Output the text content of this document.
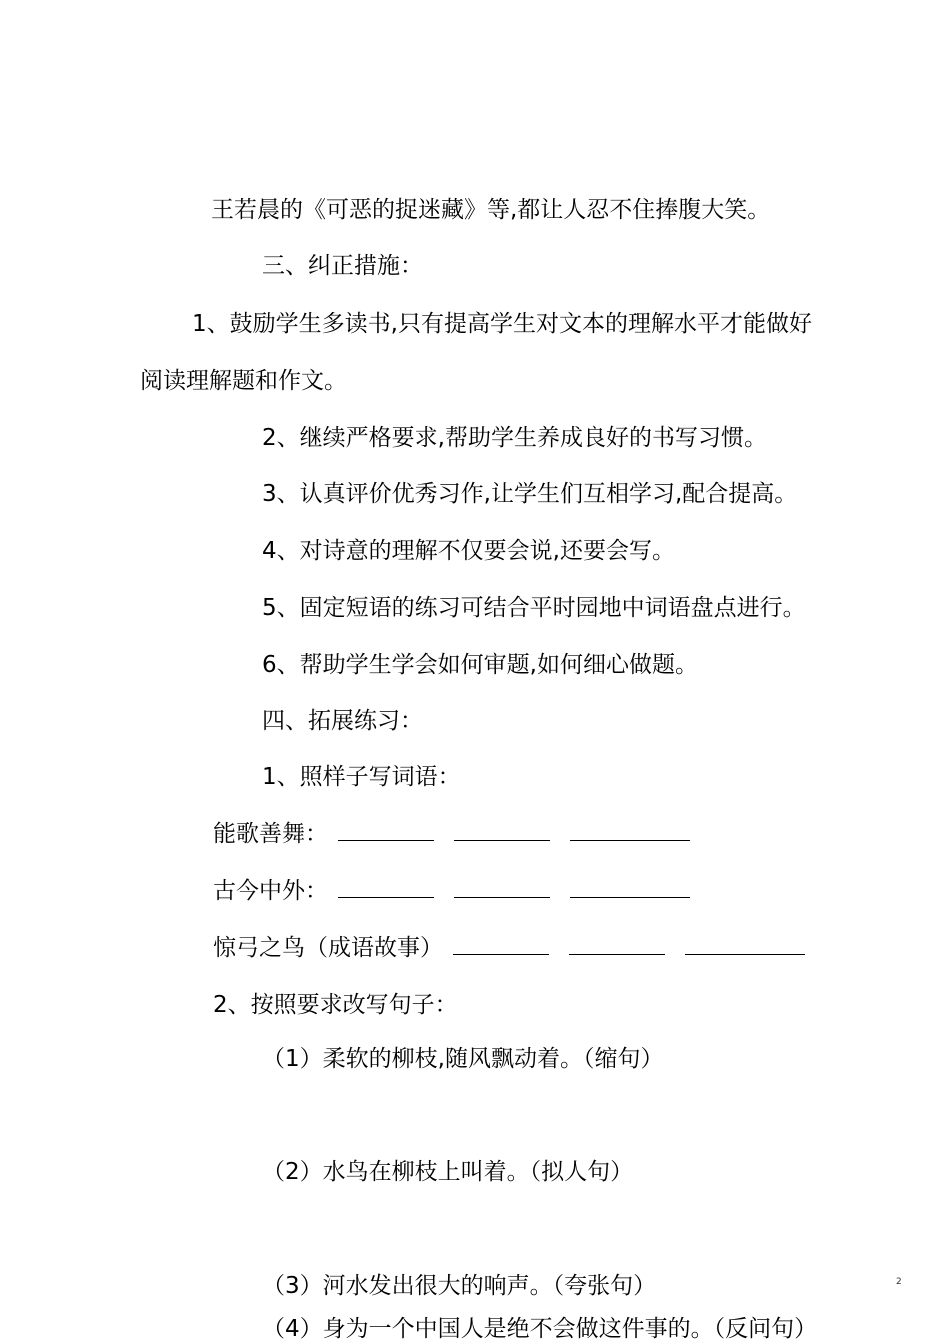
王若晨的《可恶的捉迷藏》等,都让人忍不住捧腹大笑。
三、纠正措施：
1、鼓励学生多读书,只有提高学生对文本的理解水平才能做好
阅读理解题和作文。
2、继续严格要求,帮助学生养成良好的书写习惯。
3、认真评价优秀习作,让学生们互相学习,配合提高。
4、对诗意的理解不仅要会说,还要会写。
5、固定短语的练习可结合平时园地中词语盘点进行。
6、帮助学生学会如何审题,如何细心做题。
四、拓展练习：
1、照样子写词语：
能歌善舞：
古今中外：
惊弓之鸟（成语故事）
2、按照要求改写句子：
（1）柔软的柳枝,随风飘动着。（缩句）
（2）水鸟在柳枝上叫着。（拟人句）
（3）河水发出很大的响声。（夸张句）
（4）身为一个中国人是绝不会做这件事的。（反问句）
2
